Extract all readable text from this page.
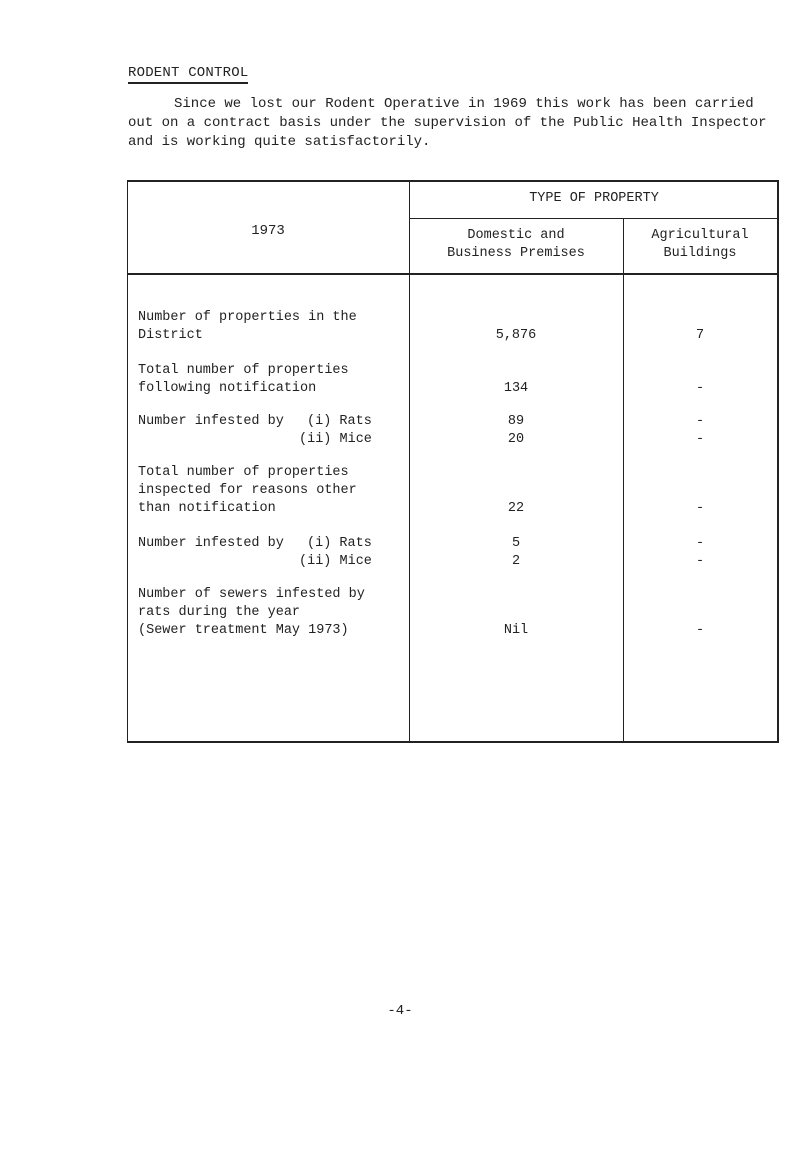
RODENT CONTROL
Since we lost our Rodent Operative in 1969 this work has been carried out on a contract basis under the supervision of the Public Health Inspector and is working quite satisfactorily.
1973
TYPE OF PROPERTY
Domestic and
Business Premises
Agricultural
Buildings
Number of properties in the
District	5,876	7
Total number of properties
following notification	134	-
Number infested by (i) Rats	89	-
(ii) Mice	20	-
Total number of properties
inspected for reasons other
than notification	22	-
Number infested by (i) Rats	5	-
(ii) Mice	2	-
Number of sewers infested by
rats during the year
(Sewer treatment May 1973)	Nil	-
-4-
